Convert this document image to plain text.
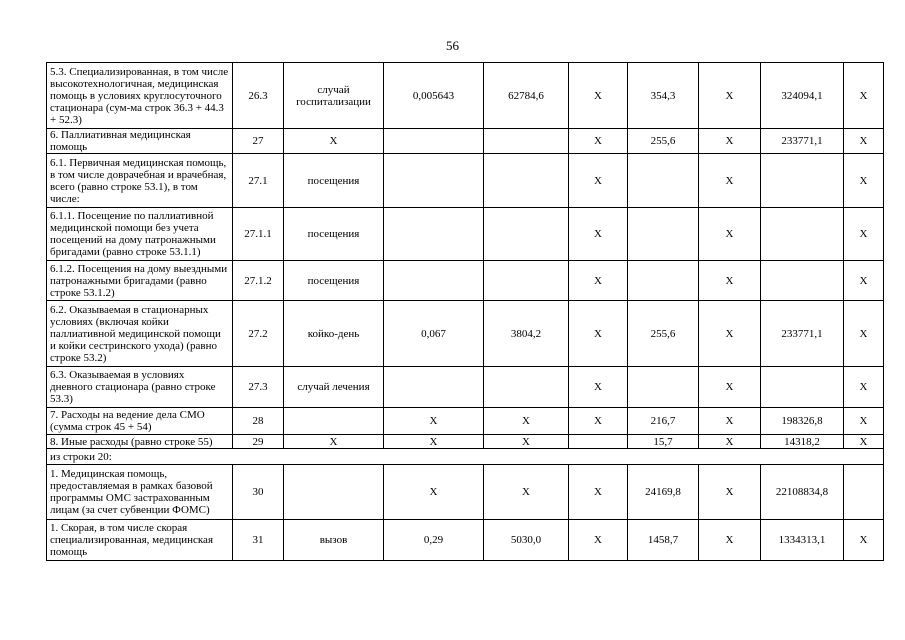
56
5.3. Специализированная, в том числе высокотехнологичная, медицинская помощь в условиях круглосуточного стационара (сум-ма строк 36.3 + 44.3 + 52.3)	26.3	случай госпитализации	0,005643	62784,6	X	354,3	X	324094,1	X
6. Паллиативная медицинская помощь	27	X			X	255,6	X	233771,1	X
6.1. Первичная медицинская помощь, в том числе доврачебная и врачебная, всего (равно строке 53.1), в том числе:	27.1	посещения			X		X		X
6.1.1. Посещение по паллиативной медицинской помощи без учета посещений на дому патронажными бригадами (равно строке 53.1.1)	27.1.1	посещения			X		X		X
6.1.2. Посещения на дому выездными патронажными бригадами (равно строке 53.1.2)	27.1.2	посещения			X		X		X
6.2. Оказываемая в стационарных условиях (включая койки паллиативной медицинской помощи и койки сестринского ухода) (равно строке 53.2)	27.2	койко-день	0,067	3804,2	X	255,6	X	233771,1	X
6.3. Оказываемая в условиях дневного стационара (равно строке 53.3)	27.3	случай лечения			X		X		X
7. Расходы на ведение дела СМО (сумма строк 45 + 54)	28		X	X	X	216,7	X	198326,8	X
8. Иные расходы (равно строке 55)	29	X	X	X		15,7	X	14318,2	X
из строки 20:									
1. Медицинская помощь, предоставляемая в рамках базовой программы ОМС застрахованным лицам (за счет субвенции ФОМС)	30		X	X	X	24169,8	X	22108834,8	
1. Скорая, в том числе скорая специализированная, медицинская помощь	31	вызов	0,29	5030,0	X	1458,7	X	1334313,1	X
